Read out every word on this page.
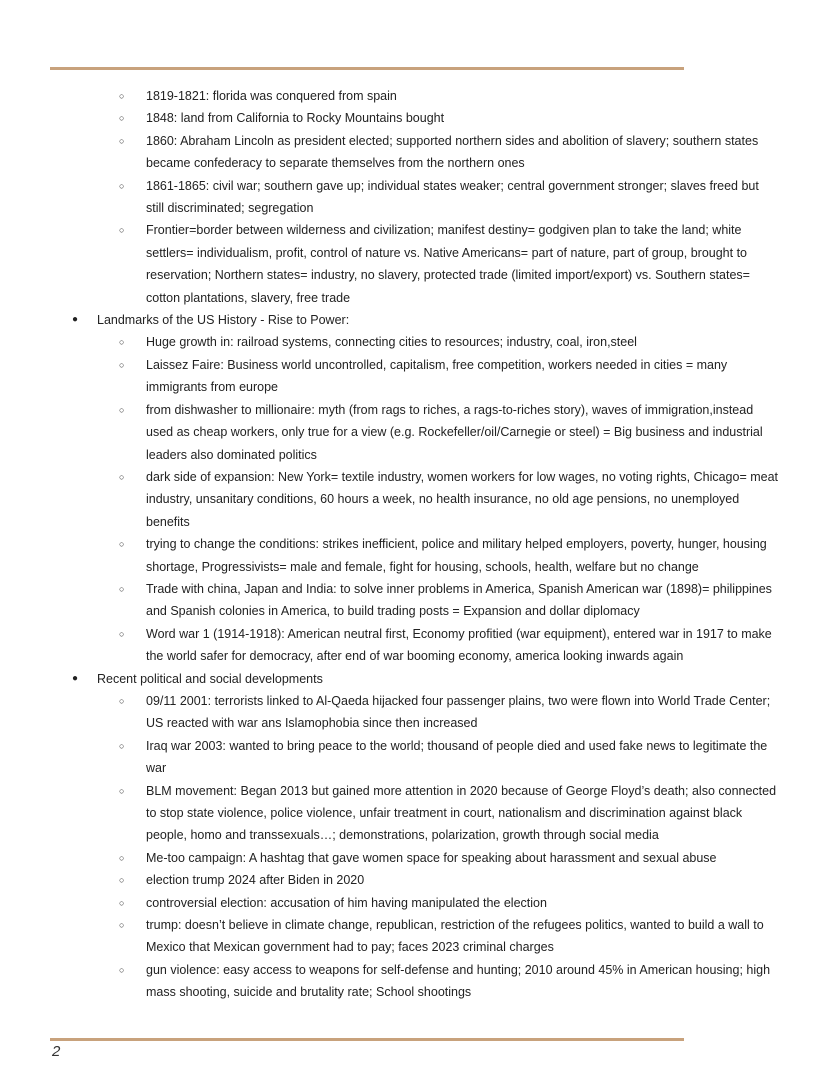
○ 1819-1821: florida was conquered from spain
○ 1848: land from California to Rocky Mountains bought
○ 1860: Abraham Lincoln as president elected; supported northern sides and abolition of slavery; southern states became confederacy to separate themselves from the northern ones
○ 1861-1865: civil war; southern gave up; individual states weaker; central government stronger; slaves freed but still discriminated; segregation
○ Frontier=border between wilderness and civilization; manifest destiny= godgiven plan to take the land; white settlers= individualism, profit, control of nature vs. Native Americans= part of nature, part of group, brought to reservation; Northern states= industry, no slavery, protected trade (limited import/export) vs. Southern states= cotton plantations, slavery, free trade
● Landmarks of the US History - Rise to Power:
○ Huge growth in: railroad systems, connecting cities to resources; industry, coal, iron,steel
○ Laissez Faire: Business world uncontrolled, capitalism, free competition, workers needed in cities = many immigrants from europe
○ from dishwasher to millionaire: myth (from rags to riches, a rags-to-riches story), waves of immigration,instead used as cheap workers, only true for a view (e.g. Rockefeller/oil/Carnegie or steel) = Big business and industrial leaders also dominated politics
○ dark side of expansion: New York= textile industry, women workers for low wages, no voting rights, Chicago= meat industry, unsanitary conditions, 60 hours a week, no health insurance, no old age pensions, no unemployed benefits
○ trying to change the conditions: strikes inefficient, police and military helped employers, poverty, hunger, housing shortage, Progressivists= male and female, fight for housing, schools, health, welfare but no change
○ Trade with china, Japan and India: to solve inner problems in America, Spanish American war (1898)= philippines and Spanish colonies in America, to build trading posts = Expansion and dollar diplomacy
○ Word war 1 (1914-1918): American neutral first, Economy profitied (war equipment), entered war in 1917 to make the world safer for democracy, after end of war booming economy, america looking inwards again
● Recent political and social developments
○ 09/11 2001: terrorists linked to Al-Qaeda hijacked four passenger plains, two were flown into World Trade Center; US reacted with war ans Islamophobia since then increased
○ Iraq war 2003: wanted to bring peace to the world; thousand of people died and used fake news to legitimate the war
○ BLM movement: Began 2013 but gained more attention in 2020 because of George Floyd’s death; also connected to stop state violence, police violence, unfair treatment in court, nationalism and discrimination against black people, homo and transsexuals…; demonstrations, polarization, growth through social media
○ Me-too campaign: A hashtag that gave women space for speaking about harassment and sexual abuse
○ election trump 2024 after Biden in 2020
○ controversial election: accusation of him having manipulated the election
○ trump: doesn’t believe in climate change, republican, restriction of the refugees politics, wanted to build a wall to Mexico that Mexican government had to pay; faces 2023 criminal charges
○ gun violence: easy access to weapons for self-defense and hunting; 2010 around 45% in American housing; high mass shooting, suicide and brutality rate; School shootings
2
